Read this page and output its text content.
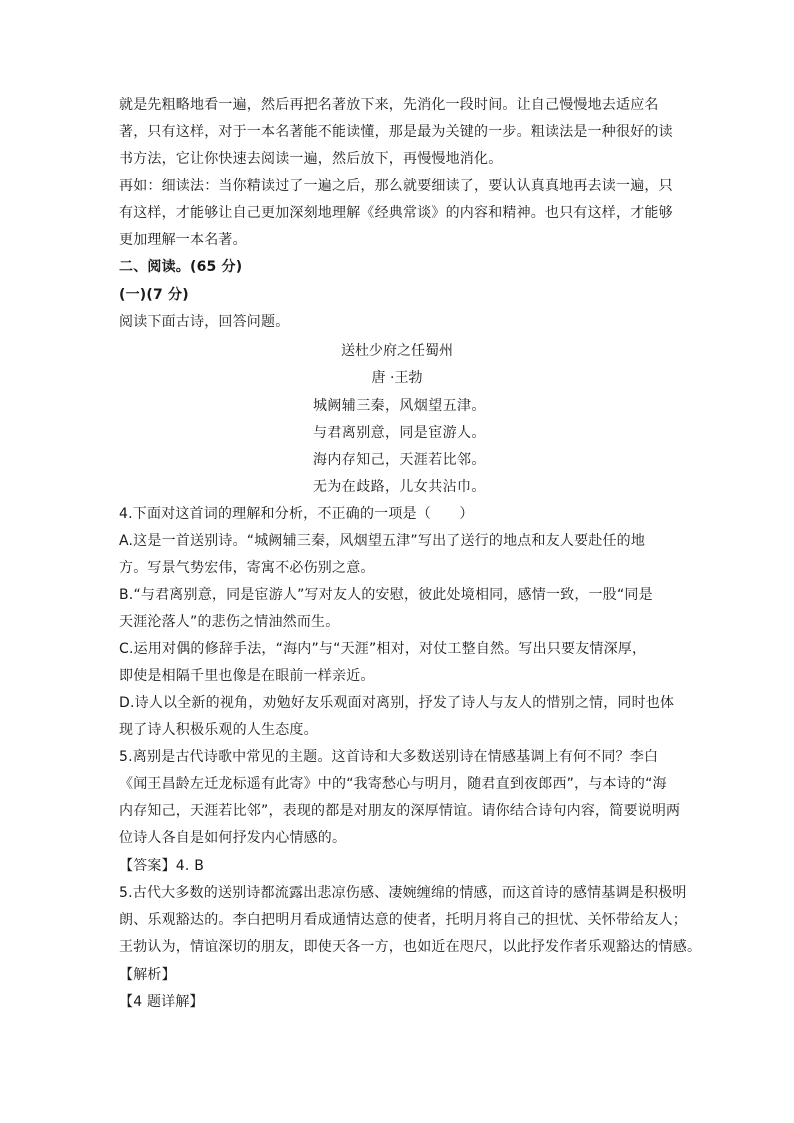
就是先粗略地看一遍，然后再把名著放下来，先消化一段时间。让自己慢慢地去适应名
著，只有这样，对于一本名著能不能读懂，那是最为关键的一步。粗读法是一种很好的读
书方法，它让你快速去阅读一遍，然后放下，再慢慢地消化。
再如：细读法：当你精读过了一遍之后，那么就要细读了，要认认真真地再去读一遍，只
有这样，才能够让自己更加深刻地理解《经典常谈》的内容和精神。也只有这样，才能够
更加理解一本名著。
二、阅读。(65 分)
(一)(7 分)
阅读下面古诗，回答问题。
送杜少府之任蜀州
唐 ·王勃
城阙辅三秦，风烟望五津。
与君离别意，同是宦游人。
海内存知己，天涯若比邻。
无为在歧路，儿女共沾巾。
4.下面对这首词的理解和分析，不正确的一项是（　　）
A.这是一首送别诗。“城阙辅三秦，风烟望五津”写出了送行的地点和友人要赴任的地
方。写景气势宏伟，寄寓不必伤别之意。
B.“与君离别意，同是宦游人”写对友人的安慰，彼此处境相同，感情一致，一股“同是
天涯沦落人”的悲伤之情油然而生。
C.运用对偶的修辞手法，“海内”与“天涯”相对，对仗工整自然。写出只要友情深厚，
即使是相隔千里也像是在眼前一样亲近。
D.诗人以全新的视角，劝勉好友乐观面对离别，抒发了诗人与友人的惜别之情，同时也体
现了诗人积极乐观的人生态度。
5.离别是古代诗歌中常见的主题。这首诗和大多数送别诗在情感基调上有何不同？李白
《闻王昌龄左迁龙标遥有此寄》中的“我寄愁心与明月，随君直到夜郎西”，与本诗的“海
内存知己，天涯若比邻”，表现的都是对朋友的深厚情谊。请你结合诗句内容，简要说明两
位诗人各自是如何抒发内心情感的。
【答案】4. B
5.古代大多数的送别诗都流露出悲凉伤感、凄婉缠绵的情感，而这首诗的感情基调是积极明
朗、乐观豁达的。李白把明月看成通情达意的使者，托明月将自己的担忧、关怀带给友人；
王勃认为，情谊深切的朋友，即使天各一方，也如近在咫尺，以此抒发作者乐观豁达的情感。
【解析】
【4 题详解】
